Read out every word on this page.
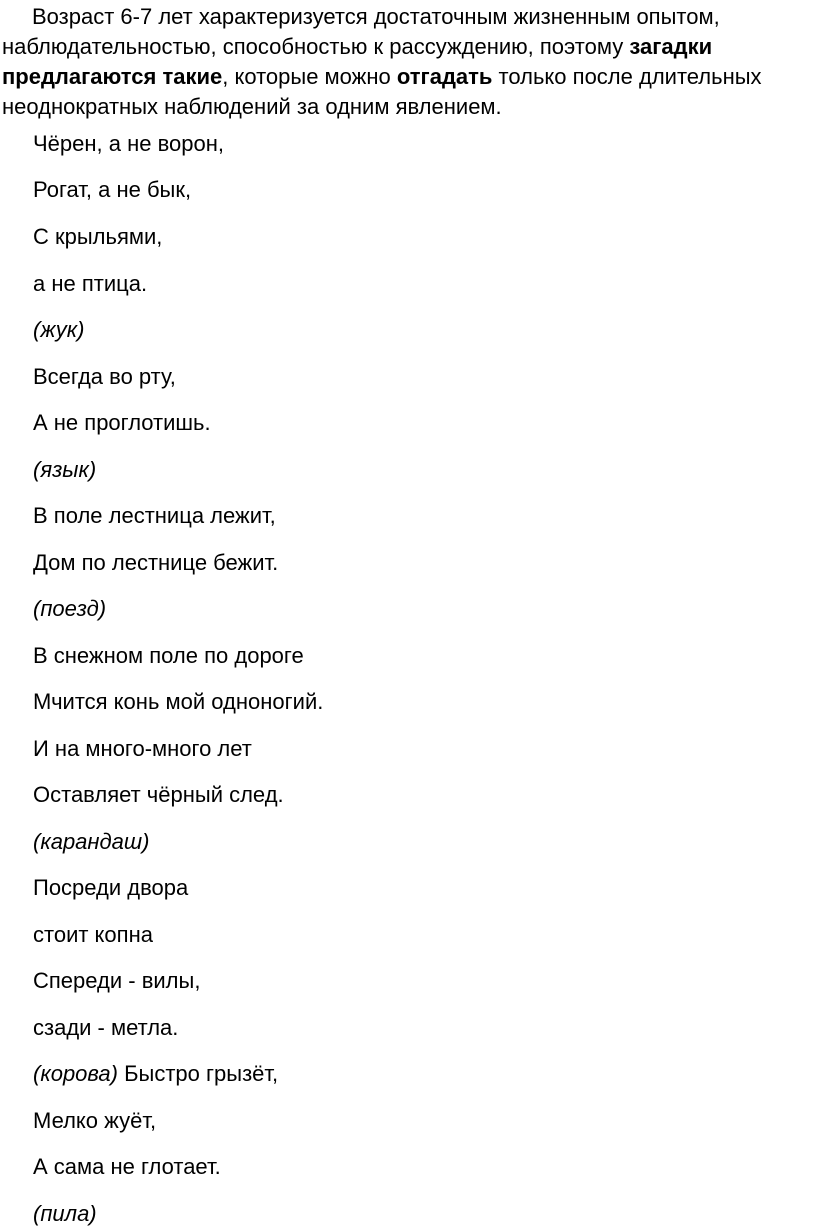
Возраст 6-7 лет характеризуется достаточным жизненным опытом, наблюдательностью, способностью к рассуждению, поэтому загадки предлагаются такие, которые можно отгадать только после длительных неоднократных наблюдений за одним явлением.

Чёрен, а не ворон,

Рогат, а не бык,

С крыльями,

а не птица.

(жук)

Всегда во рту,

А не проглотишь.

(язык)

В поле лестница лежит,

Дом по лестнице бежит.

(поезд)

В снежном поле по дороге

Мчится конь мой одноногий.

И на много-много лет

Оставляет чёрный след.

(карандаш)

Посреди двора

стоит копна

Спереди - вилы,

сзади - метла.

(корова) Быстро грызёт,

Мелко жуёт,

А сама не глотает.

(пила)
